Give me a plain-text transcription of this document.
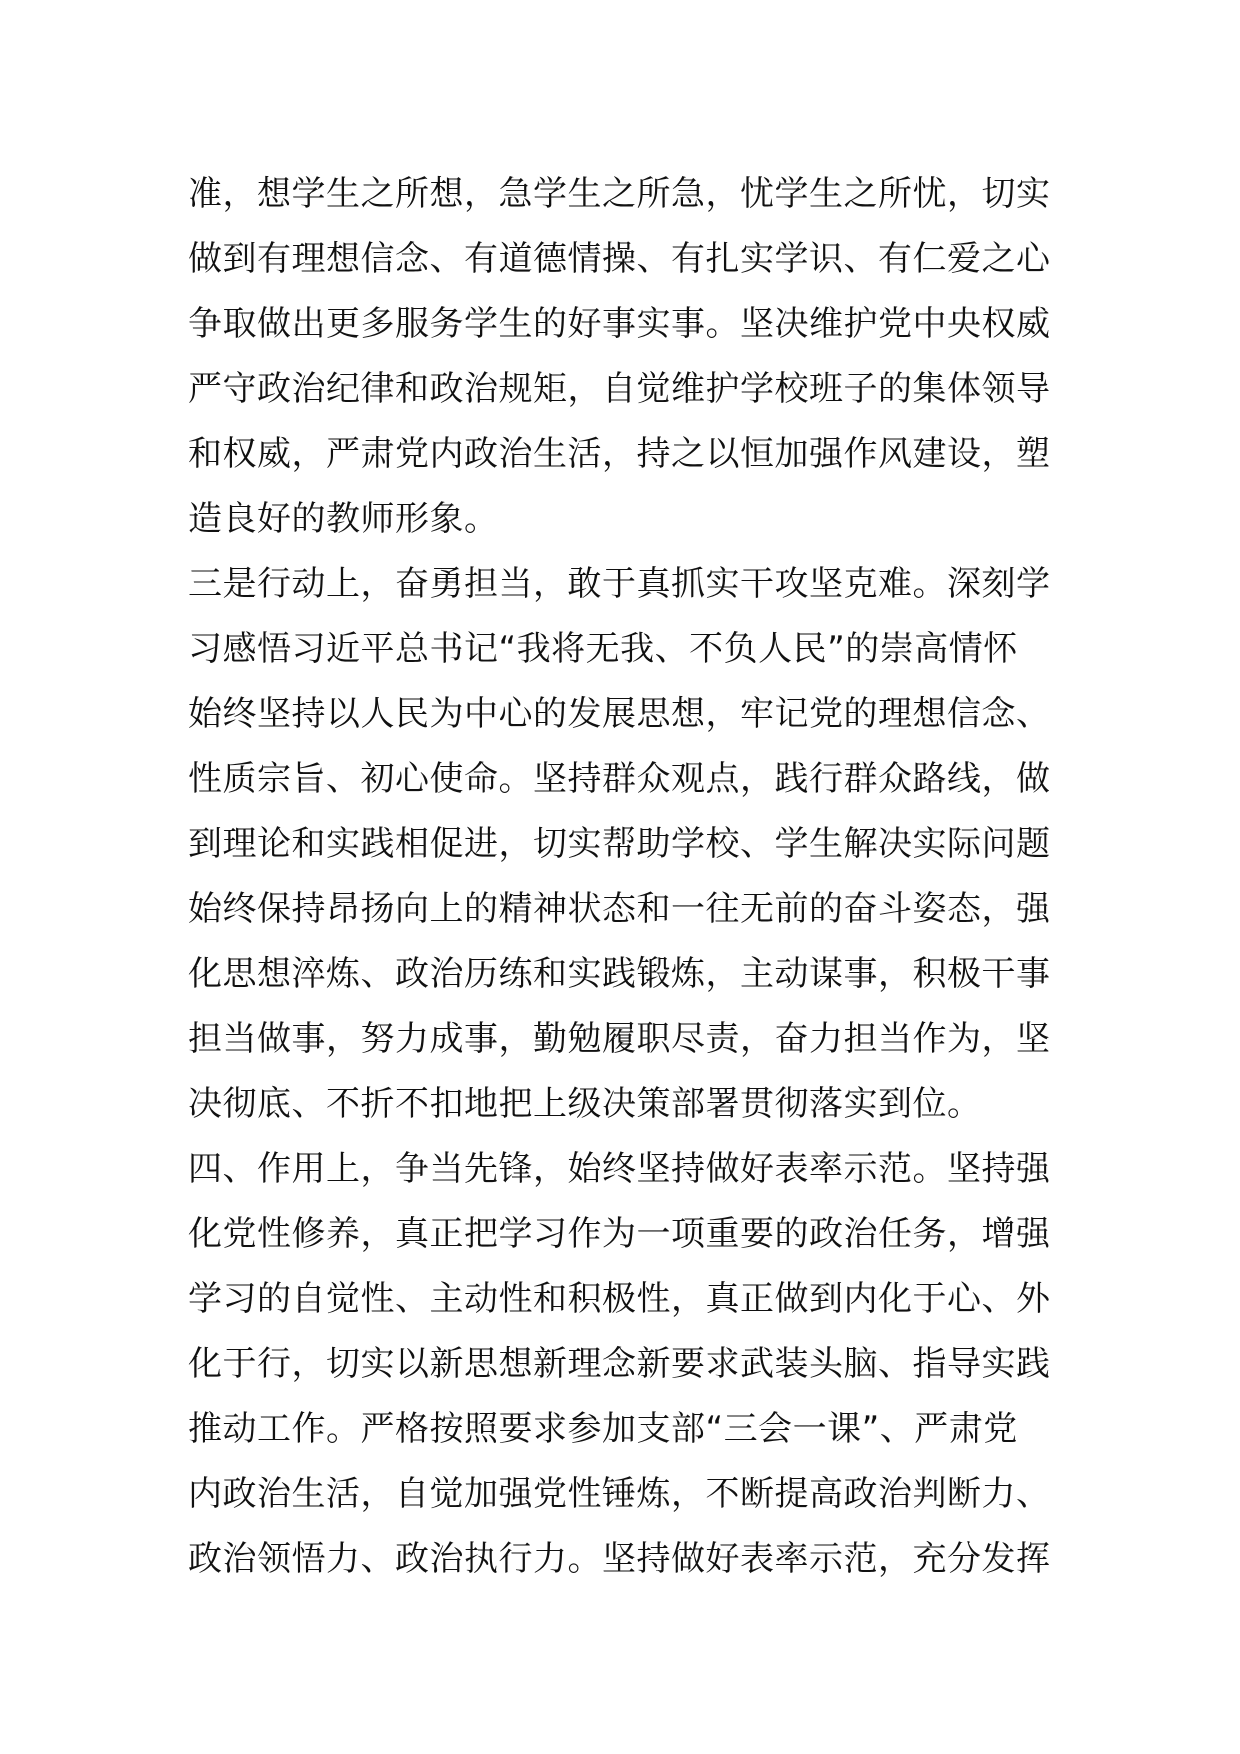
准，想学生之所想，急学生之所急，忧学生之所忧，切实
做到有理想信念、有道德情操、有扎实学识、有仁爱之心
争取做出更多服务学生的好事实事。坚决维护党中央权威
严守政治纪律和政治规矩，自觉维护学校班子的集体领导
和权威，严肃党内政治生活，持之以恒加强作风建设，塑
造良好的教师形象。
三是行动上，奋勇担当，敢于真抓实干攻坚克难。深刻学
习感悟习近平总书记“我将无我、不负人民”的崇高情怀
始终坚持以人民为中心的发展思想，牢记党的理想信念、
性质宗旨、初心使命。坚持群众观点，践行群众路线，做
到理论和实践相促进，切实帮助学校、学生解决实际问题
始终保持昂扬向上的精神状态和一往无前的奋斗姿态，强
化思想淬炼、政治历练和实践锻炼，主动谋事，积极干事
担当做事，努力成事，勤勉履职尽责，奋力担当作为，坚
决彻底、不折不扣地把上级决策部署贯彻落实到位。
四、作用上，争当先锋，始终坚持做好表率示范。坚持强
化党性修养，真正把学习作为一项重要的政治任务，增强
学习的自觉性、主动性和积极性，真正做到内化于心、外
化于行，切实以新思想新理念新要求武装头脑、指导实践
推动工作。严格按照要求参加支部“三会一课”、严肃党
内政治生活，自觉加强党性锤炼，不断提高政治判断力、
政治领悟力、政治执行力。坚持做好表率示范，充分发挥
